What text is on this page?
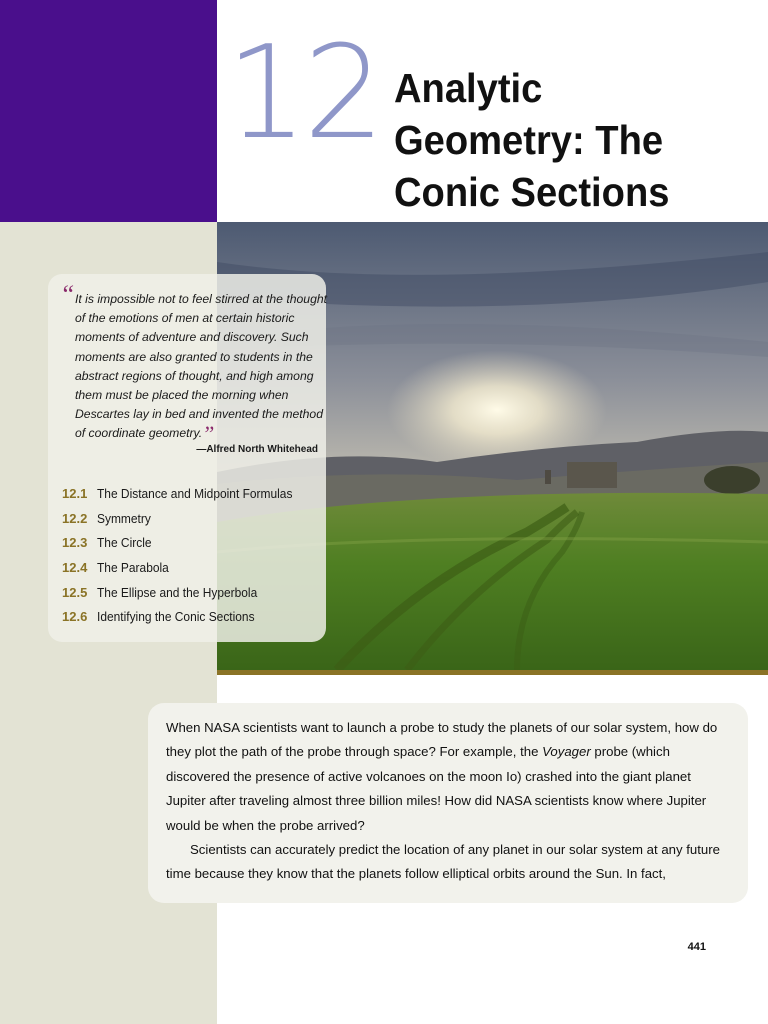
12 Analytic
Geometry: The
Conic Sections
“ It is impossible not to feel stirred at the thought of the emotions of men at certain historic moments of adventure and discovery. Such moments are also granted to students in the abstract regions of thought, and high among them must be placed the morning when Descartes lay in bed and invented the method of coordinate geometry.”

—Alfred North Whitehead
12.1 The Distance and Midpoint Formulas
12.2 Symmetry
12.3 The Circle
12.4 The Parabola
12.5 The Ellipse and the Hyperbola
12.6 Identifying the Conic Sections

When NASA scientists want to launch a probe to study the planets of our solar system, how do they plot the path of the probe through space? For example, the Voyager probe (which discovered the presence of active volcanoes on the moon Io) crashed into the giant planet Jupiter after traveling almost three billion miles! How did NASA scientists know where Jupiter would be when the probe arrived?

Scientists can accurately predict the location of any planet in our solar system at any future time because they know that the planets follow elliptical orbits around the Sun. In fact,

441
